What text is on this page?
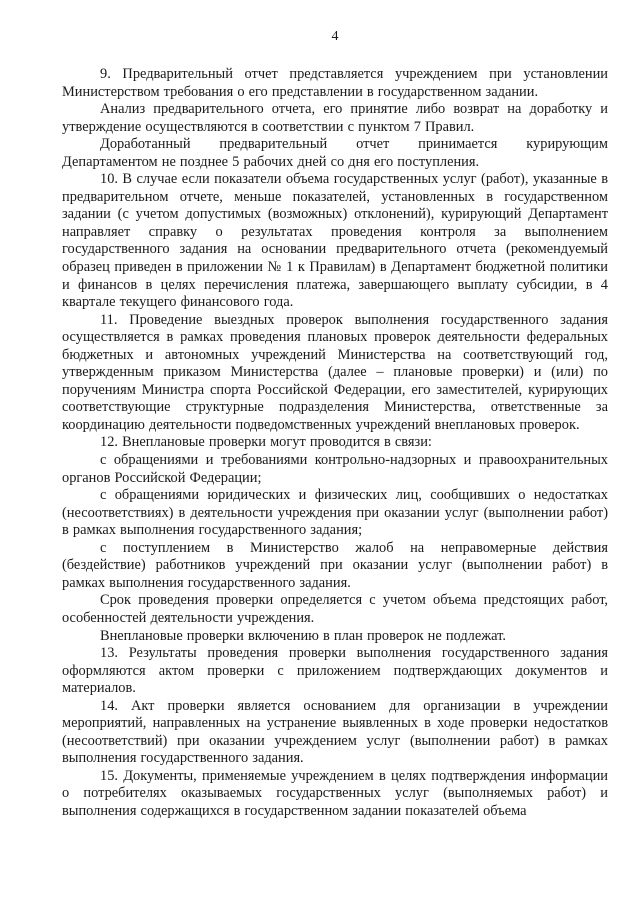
4

9. Предварительный отчет представляется учреждением при установлении Министерством требования о его представлении в государственном задании.

Анализ предварительного отчета, его принятие либо возврат на доработку и утверждение осуществляются в соответствии с пунктом 7 Правил.

Доработанный предварительный отчет принимается курирующим Департаментом не позднее 5 рабочих дней со дня его поступления.

10. В случае если показатели объема государственных услуг (работ), указанные в предварительном отчете, меньше показателей, установленных в государственном задании (с учетом допустимых (возможных) отклонений), курирующий Департамент направляет справку о результатах проведения контроля за выполнением государственного задания на основании предварительного отчета (рекомендуемый образец приведен в приложении № 1 к Правилам) в Департамент бюджетной политики и финансов в целях перечисления платежа, завершающего выплату субсидии, в 4 квартале текущего финансового года.

11. Проведение выездных проверок выполнения государственного задания осуществляется в рамках проведения плановых проверок деятельности федеральных бюджетных и автономных учреждений Министерства на соответствующий год, утвержденным приказом Министерства (далее – плановые проверки) и (или) по поручениям Министра спорта Российской Федерации, его заместителей, курирующих соответствующие структурные подразделения Министерства, ответственные за координацию деятельности подведомственных учреждений внеплановых проверок.

12. Внеплановые проверки могут проводится в связи:

с обращениями и требованиями контрольно-надзорных и правоохранительных органов Российской Федерации;

с обращениями юридических и физических лиц, сообщивших о недостатках (несоответствиях) в деятельности учреждения при оказании услуг (выполнении работ) в рамках выполнения государственного задания;

с поступлением в Министерство жалоб на неправомерные действия (бездействие) работников учреждений при оказании услуг (выполнении работ) в рамках выполнения государственного задания.

Срок проведения проверки определяется с учетом объема предстоящих работ, особенностей деятельности учреждения.

Внеплановые проверки включению в план проверок не подлежат.

13. Результаты проведения проверки выполнения государственного задания оформляются актом проверки с приложением подтверждающих документов и материалов.

14. Акт проверки является основанием для организации в учреждении мероприятий, направленных на устранение выявленных в ходе проверки недостатков (несоответствий) при оказании учреждением услуг (выполнении работ) в рамках выполнения государственного задания.

15. Документы, применяемые учреждением в целях подтверждения информации о потребителях оказываемых государственных услуг (выполняемых работ) и выполнения содержащихся в государственном задании показателей объема
